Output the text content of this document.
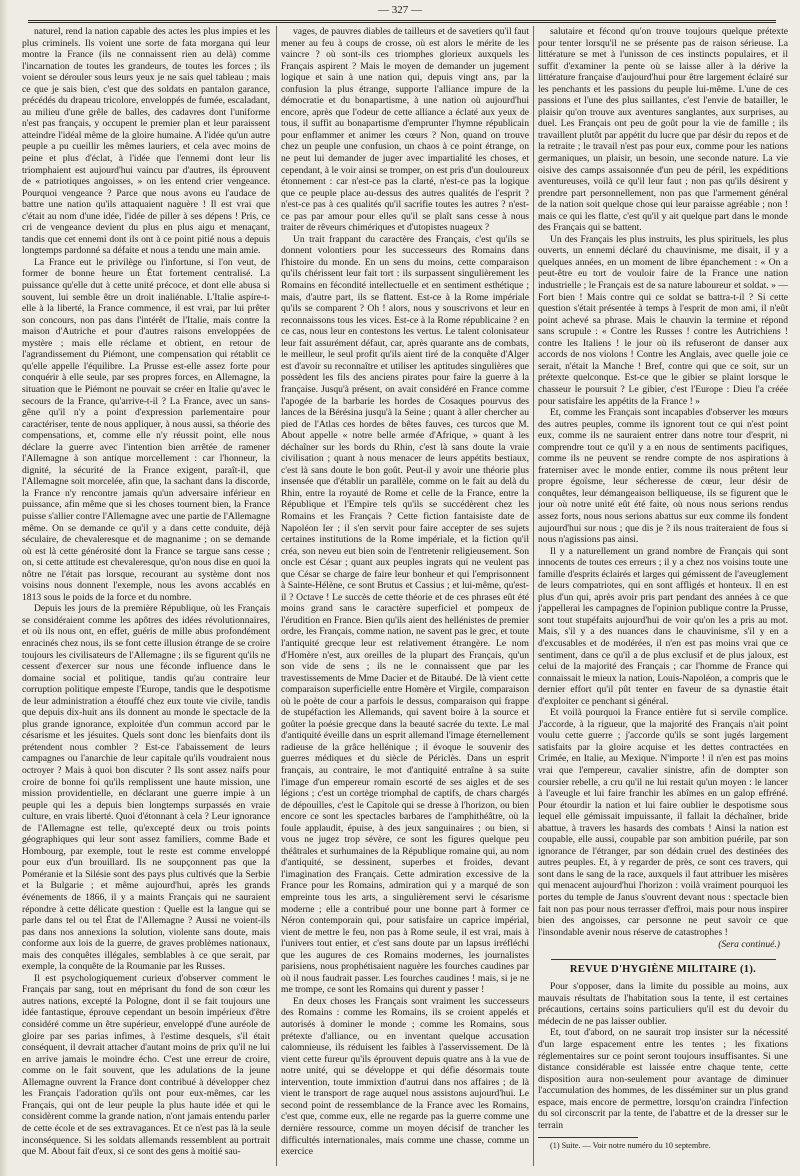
— 327 —

naturel, rend la nation capable des actes les plus impies et les plus criminels. Ils voient une sorte de fata morgana qui leur montre la France (ils ne connaissent rien au delà) comme l'incarnation de toutes les grandeurs, de toutes les forces ; ils voient se dérouler sous leurs yeux je ne sais quel tableau ; mais ce que je sais bien, c'est que des soldats en pantalon garance, précédés du drapeau tricolore, enveloppés de fumée, escaladant, au milieu d'une grêle de balles, des cadavres dont l'uniforme n'est pas français, y occupent le premier plan et leur paraissent atteindre l'idéal même de la gloire humaine. A l'idée qu'un autre peuple a pu cueillir les mêmes lauriers, et cela avec moins de peine et plus d'éclat, à l'idée que l'ennemi dont leur lis triomphaient est aujourd'hui vaincu par d'autres, ils éprouvent de « patriotiques angoisses, » on les entend crier vengeance. Pourquoi vengeance ? Parce que nous avons eu l'audace de battre une nation qu'ils attaquaient naguère ! Il est vrai que c'était au nom d'une idée, l'idée de piller à ses dépens ! Pris, ce cri de vengeance devient du plus en plus aigu et menaçant, tandis que cet ennemi dont ils ont à ce point pitié nous a depuis longtemps pardonné sa défaite et nous a tendu une main amie.

La France eut le privilège ou l'infortune, si l'on veut, de former de bonne heure un État fortement centralisé. La puissance qu'elle dut à cette unité précoce, et dont elle abusa si souvent, lui semble être un droit inaliénable. L'Italie aspire-t-elle à la liberté, la France commence, il est vrai, par lui prêter son concours, non pas dans l'intérêt de l'Italie, mais contre la maison d'Autriche et pour d'autres raisons enveloppées de mystère ; mais elle réclame et obtient, en retour de l'agrandissement du Piémont, une compensation qui rétablit ce qu'elle appelle l'équilibre. La Prusse est-elle assez forte pour conquérir à elle seule, par ses propres forces, en Allemagne, la situation que le Piémont ne pouvait se créer en Italie qu'avec le secours de la France, qu'arrive-t-il ? La France, avec un sans-gêne qu'il n'y a point d'expression parlementaire pour caractériser, tente de nous appliquer, à nous aussi, sa théorie des compensations, et, comme elle n'y réussit point, elle nous déclare la guerre avec l'intention bien arrêtée de ramener l'Allemagne à son antique morcellement : car l'honneur, la dignité, la sécurité de la France exigent, paraît-il, que l'Allemagne soit morcelée, afin que, la sachant dans la discorde, la France n'y rencontre jamais qu'un adversaire inférieur en puissance, afin même que si les choses tournent bien, la France puisse s'allier contre l'Allemagne avec une partie de l'Allemagne même. On se demande ce qu'il y a dans cette conduite, déjà séculaire, de chevaleresque et de magnanime ; on se demande où est là cette générosité dont la France se targue sans cesse ; on, si cette attitude est chevaleresque, qu'on nous dise en quoi la nôtre ne l'était pas lorsque, recourant au système dont nos voisins nous donnent l'exemple, nous les avons accablés en 1813 sous le poids de la force et du nombre.

Depuis les jours de la première République, où les Français se considéraient comme les apôtres des idées révolutionnaires, et où ils nous ont, en effet, guéris de mille abus profondément enracinés chez nous, ils se font cette illusion étrange de se croire toujours les civilisateurs de l'Allemagne ; ils se figurent qu'ils ne cessent d'exercer sur nous une féconde influence dans le domaine social et politique, tandis qu'au contraire leur corruption politique empeste l'Europe, tandis que le despotisme de leur administration a étouffé chez eux toute vie civile, tandis que depuis dix-huit ans ils donnent au monde le spectacle de la plus grande ignorance, exploitée d'un commun accord par le césarisme et les jésuites. Quels sont donc les bienfaits dont ils prétendent nous combler ? Est-ce l'abaissement de leurs campagnes ou l'anarchie de leur capitale qu'ils voudraient nous octroyer ? Mais à quoi bon discuter ? Ils sont assez naïfs pour croire de bonne foi qu'ils remplissent une haute mission, une mission providentielle, en déclarant une guerre impie à un peuple qui les a depuis bien longtemps surpassés en vraie culture, en vrais liberté. Quoi d'étonnant à cela ? Leur ignorance de l'Allemagne est telle, qu'excepté deux ou trois points géographiques qui leur sont assez familiers, comme Bade et Hombourg, par exemple, tout le reste est comme enveloppé pour eux d'un brouillard. Ils ne soupçonnent pas que la Poméranie et la Silésie sont des pays plus cultivés que la Serbie et la Bulgarie ; et même aujourd'hui, après les grands événements de 1866, il y a maints Français qui ne sauraient répondre à cette délicate question : Quelle est la langue qui se parle dans tel ou tel État de l'Allemagne ? Aussi ne voient-ils pas dans nos annexions la solution, violente sans doute, mais conforme aux lois de la guerre, de graves problèmes nationaux, mais des conquêtes illégales, semblables à ce que serait, par exemple, la conquête de la Roumanie par les Russes.

Il est psychologiquement curieux d'observer comment le Français par sang, tout en méprisant du fond de son cœur les autres nations, excepté la Pologne, dont il se fait toujours une idée fantastique, éprouve cependant un besoin impérieux d'être considéré comme un être supérieur, enveloppé d'une auréole de gloire par ses parias infimes, à l'estime desquels, s'il était conséquent, il devrait attacher d'autant moins de prix qu'il ne lui en arrive jamais le moindre écho. C'est une erreur de croire, comme on le fait souvent, que les adulations de la jeune Allemagne ouvrent la France dont contribué à développer chez les Français l'adoration qu'ils ont pour eux-mêmes, car les Français, qui ont de leur peuple la plus haute idée et qui le considèrent comme la grande nation, n'ont jamais entendu parler de cette école et de ses extravagances. Et ce n'est pas là la seule inconséquence. Si les soldats allemands ressemblent au portrait que M. About fait d'eux, si ce sont des gens à moitié sau-

vages, de pauvres diables de tailleurs et de savetiers qu'il faut mener au feu à coups de crosse, où est alors le mérite de les vaincre ? où sont-ils ces triomphes glorieux auxquels les Français aspirent ? Mais le moyen de demander un jugement logique et sain à une nation qui, depuis vingt ans, par la confusion la plus étrange, supporte l'alliance impure de la démocratie et du bonapartisme, à une nation où aujourd'hui encore, après que l'odeur de cette alliance a éclaté aux yeux de tous, il suffit au bonapartisme d'emprunter l'hymne républicain pour enflammer et animer les cœurs ? Non, quand on trouve chez un peuple une confusion, un chaos à ce point étrange, on ne peut lui demander de juger avec impartialité les choses, et cependant, à le voir ainsi se tromper, on est pris d'un douloureux étonnement : car n'est-ce pas la clarté, n'est-ce pas la logique que ce peuple place au-dessus des autres qualités de l'esprit ? n'est-ce pas à ces qualités qu'il sacrifie toutes les autres ? n'est-ce pas par amour pour elles qu'il se plaît sans cesse à nous traiter de rêveurs chimériques et d'utopistes nuageux ?

Un trait frappant du caractère des Français, c'est qu'ils se donnent volontiers pour les successeurs des Romains dans l'histoire du monde. En un sens du moins, cette comparaison qu'ils chérissent leur fait tort : ils surpassent singulièrement les Romains en fécondité intellectuelle et en sentiment esthétique ; mais, d'autre part, ils se flattent. Est-ce à la Rome impériale qu'ils se comparent ? Oh ! alors, nous y souscrivons et leur en reconnaissons tous les vices. Est-ce à la Rome républicaine ? en ce cas, nous leur en contestons les vertus. Le talent colonisateur leur fait assurément défaut, car, après quarante ans de combats, le meilleur, le seul profit qu'ils aient tiré de la conquête d'Alger est d'avoir su reconnaître et utiliser les aptitudes singulières que possèdent les fils des anciens pirates pour faire la guerre à la française. Jusqu'à présent, on avait considéré en France comme l'apogée de la barbarie les hordes de Cosaques pourvus des lances de la Bérésina jusqu'à la Seine ; quant à aller chercher au pied de l'Atlas ces hordes de bêtes fauves, ces turcos que M. About appelle « notre belle armée d'Afrique, » quant à les déchaîner sur les bords du Rhin, c'est là sans doute la vraie civilisation ; quant à nous menacer de leurs appétits bestiaux, c'est là sans doute le bon goût. Peut-il y avoir une théorie plus insensée que d'établir un parallèle, comme on le fait au delà du Rhin, entre la royauté de Rome et celle de la France, entre la République et l'Empire tels qu'ils se succédèrent chez les Romains et les Français ? Cette fiction fantaisiste date de Napoléon Ier ; il s'en servit pour faire accepter de ses sujets certaines institutions de la Rome impériale, et la fiction qu'il créa, son neveu eut bien soin de l'entretenir religieusement. Son oncle est César ; quant aux peuples ingrats qui ne veulent pas que César se charge de faire leur bonheur et qui l'emprisonnent à Sainte-Hélène, ce sont Brutus et Cassius ; et lui-même, qu'est-il ? Octave ! Le succès de cette théorie et de ces phrases eût été moins grand sans le caractère superficiel et pompeux de l'érudition en France. Bien qu'ils aient des hellénistes de premier ordre, les Français, comme nation, ne savent pas le grec, et toute l'antiquité grecque leur est relativement étrangère. Le nom d'Homère n'est, aux oreilles de la plupart des Français, qu'un son vide de sens ; ils ne le connaissent que par les travestissements de Mme Dacier et de Bitaubé. De là vient cette comparaison superficielle entre Homère et Virgile, comparaison où le poète de cour a parfois le dessus, comparaison qui frappe de stupéfaction les Allemands, qui savent boire à la source et goûter la poésie grecque dans la beauté sacrée du texte. Le mal d'antiquité éveille dans un esprit allemand l'image éternellement radieuse de la grâce hellénique ; il évoque le souvenir des guerres médiques et du siècle de Périclès. Dans un esprit français, au contraire, le mot d'antiquité entraîne à sa suite l'image d'un empereur romain escorté de ses aigles et de ses légions ; c'est un cortège triomphal de captifs, de chars chargés de dépouilles, c'est le Capitole qui se dresse à l'horizon, ou bien encore ce sont les spectacles barbares de l'amphithéâtre, où la foule applaudit, épuise, à des jeux sanguinaires ; ou bien, si vous ne jugez trop sévère, ce sont les figures quelque peu théâtrales et surhumaines de la République romaine qui, au nom d'antiquité, se dessinent, superbes et froides, devant l'imagination des Français. Cette admiration excessive de la France pour les Romains, admiration qui y a marqué de son empreinte tous les arts, a singulièrement servi le césarisme moderne ; elle a contribué pour une bonne part à former ce Néron contemporain qui, pour satisfaire un caprice impérial, vient de mettre le feu, non pas à Rome seule, il est vrai, mais à l'univers tout entier, et c'est sans doute par un lapsus irréfléchi que les augures de ces Romains modernes, les journalistes parisiens, nous prophétisaient naguère les fourches caudines par où il nous faudrait passer. Les fourches caudines ! mais, si je ne me trompe, ce sont les Romains qui durent y passer !

En deux choses les Français sont vraiment les successeurs des Romains : comme les Romains, ils se croient appelés et autorisés à dominer le monde ; comme les Romains, sous prétexte d'alliance, ou en inventant quelque accusation calomnieuse, ils réduisent les faibles à l'asservissement. De là vient cette fureur qu'ils éprouvent depuis quatre ans à la vue de notre unité, qui se développe et qui défie désormais toute intervention, toute immixtion d'autrui dans nos affaires ; de là vient le transport de rage auquel nous assistons aujourd'hui. Le second point de ressemblance de la France avec les Romains, c'est que, comme eux, elle ne regarde pas la guerre comme une dernière ressource, comme un moyen décisif de trancher les difficultés internationales, mais comme une chasse, comme un exercice

salutaire et fécond qu'on trouve toujours quelque prétexte pour tenter lorsqu'il ne se présente pas de raison sérieuse. La littérature se met à l'unisson de ces instincts populaires, et il suffit d'examiner la pente où se laisse aller à la dérive la littérature française d'aujourd'hui pour être largement éclairé sur les penchants et les passions du peuple lui-même. L'une de ces passions et l'une des plus saillantes, c'est l'envie de batailler, le plaisir qu'on trouve aux aventures sanglantes, aux surprises, au duel. Les Français ont peu de goût pour la vie de famille ; ils travaillent plutôt par appétit du lucre que par désir du repos et de la retraite ; le travail n'est pas pour eux, comme pour les nations germaniques, un plaisir, un besoin, une seconde nature. La vie oisive des camps assaisonnée d'un peu de péril, les expéditions aventureuses, voilà ce qu'il leur faut ; non pas qu'ils désirent y prendre part personnellement, non pas que l'armement général de la nation soit quelque chose qui leur paraisse agréable ; non ! mais ce qui les flatte, c'est qu'il y ait quelque part dans le monde des Français qui se battent.

Un des Français les plus instruits, les plus spirituels, les plus ouverts, un ennemi déclaré du chauvinisme, me disait, il y a quelques années, en un moment de libre épanchement : « On a peut-être eu tort de vouloir faire de la France une nation industrielle ; le Français est de sa nature laboureur et soldat. » — Fort bien ! Mais contre qui ce soldat se battra-t-il ? Si cette question s'était présentée à temps à l'esprit de mon ami, il n'eût point achevé sa phrase. Mais le chauvin la termine et répond sans scrupule : « Contre les Russes ! contre les Autrichiens ! contre les Italiens ! le jour où ils refuseront de danser aux accords de nos violons ! Contre les Anglais, avec quelle joie ce serait, n'était la Manche ! Bref, contre qui que ce soit, sur un prétexte quelconque. Est-ce que le gibier se plaint lorsque le chasseur le poursuit ? Le gibier, c'est l'Europe : Dieu l'a créée pour satisfaire les appétits de la France ! »

Et, comme les Français sont incapables d'observer les mœurs des autres peuples, comme ils ignorent tout ce qui n'est point eux, comme ils ne sauraient entrer dans notre tour d'esprit, ni comprendre tout ce qu'il y a en nous de sentiments pacifiques, comme ils ne peuvent se rendre compte de nos aspirations à fraterniser avec le monde entier, comme ils nous prêtent leur propre égoïsme, leur sécheresse de cœur, leur désir de conquêtes, leur démangeaison belliqueuse, ils se figurent que le jour où notre unité eût été faite, où nous nous serions rendus assez forts, nous nous serions abattus sur eux comme ils fondent aujourd'hui sur nous ; que dis je ? ils nous traiteraient de fous si nous n'agissions pas ainsi.

Il y a naturellement un grand nombre de Français qui sont innocents de toutes ces erreurs ; il y a chez nos voisins toute une famille d'esprits éclairés et larges qui gémissent de l'aveuglement de leurs compatriotes, qui en sont affligés et honteux. Il en est plus d'un qui, après avoir pris part pendant des années à ce que j'appellerai les campagnes de l'opinion publique contre la Prusse, sont tout stupéfaits aujourd'hui de voir qu'on les a pris au mot. Mais, s'il y a des nuances dans le chauvinisme, s'il y en a d'excusables et de modérées, il n'en est pas moins vrai que ce sentiment, dans ce qu'il a de plus exclusif et de plus jaloux, est celui de la majorité des Français ; car l'homme de France qui connaissait le mieux la nation, Louis-Napoléon, a compris que le dernier effort qu'il pût tenter en faveur de sa dynastie était d'exploiter ce penchant si général.

Et voilà pourquoi la France entière fut si servile complice. J'accorde, à la rigueur, que la majorité des Français n'ait point voulu cette guerre ; j'accorde qu'ils se sont jugés largement satisfaits par la gloire acquise et les dettes contractées en Crimée, en Italie, au Mexique. N'importe ! il n'en est pas moins vrai que l'empereur, cavalier sinistre, afin de dompter son coursier rebelle, a cru qu'il ne lui restait qu'un moyen : le lancer à l'aveugle et lui faire franchir les abîmes en un galop effréné. Pour étourdir la nation et lui faire oublier le despotisme sous lequel elle gémissait impuissante, il fallait la déchaîner, bride abattue, à travers les hasards des combats ! Ainsi la nation est coupable, elle aussi, coupable par son ambition puérile, par son ignorance de l'étranger, par son dédain cruel des destinées des autres peuples. Et, à y regarder de près, ce sont ces travers, qui sont dans le sang de la race, auxquels il faut attribuer les misères qui menacent aujourd'hui l'horizon : voilà vraiment pourquoi les portes du temple de Janus s'ouvrent devant nous : spectacle bien fait non pas pour nous terrasser d'effroi, mais pour nous inspirer bien des angoisses, car personne ne peut savoir ce que l'insondable avenir nous réserve de catastrophes !

(Sera continué.)
REVUE D'HYGIÈNE MILITAIRE (1).

Pour s'opposer, dans la limite du possible au moins, aux mauvais résultats de l'habitation sous la tente, il est certaines précautions, certains soins particuliers qu'il est du devoir du médecin de ne pas laisser oublier.

Et, tout d'abord, on ne saurait trop insister sur la nécessité d'un large espacement entre les tentes ; les fixations réglementaires sur ce point seront toujours insuffisantes. Si une distance considérable est laissée entre chaque tente, cette disposition aura non-seulement pour avantage de diminuer l'accumulation des hommes, de les disséminer sur un plus grand espace, mais encore de permettre, lorsqu'on craindra l'infection du sol circonscrit par la tente, de l'abattre et de la dresser sur le terrain

(1) Suite. — Voir notre numéro du 10 septembre.
